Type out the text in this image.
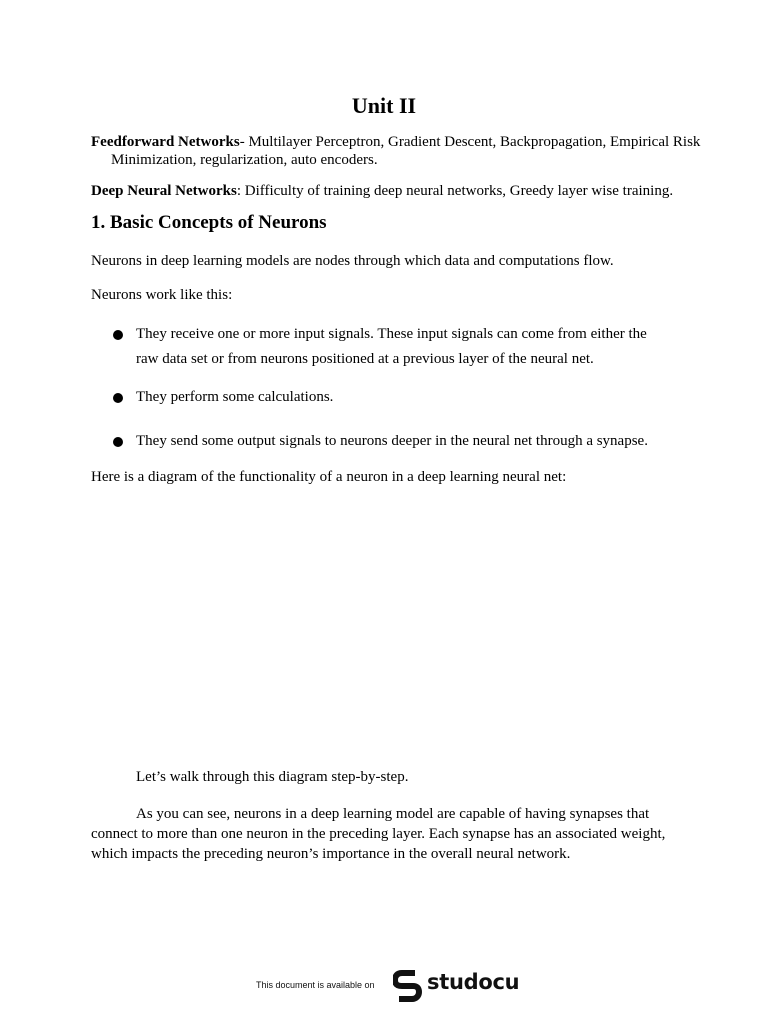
Unit II

Feedforward Networks- Multilayer Perceptron, Gradient Descent, Backpropagation, Empirical Risk Minimization, regularization, auto encoders.

Deep Neural Networks: Difficulty of training deep neural networks, Greedy layer wise training.

1. Basic Concepts of Neurons

Neurons in deep learning models are nodes through which data and computations flow.

Neurons work like this:

They receive one or more input signals. These input signals can come from either the raw data set or from neurons positioned at a previous layer of the neural net.
They perform some calculations.
They send some output signals to neurons deeper in the neural net through a synapse.

Here is a diagram of the functionality of a neuron in a deep learning neural net:

Let’s walk through this diagram step-by-step.

As you can see, neurons in a deep learning model are capable of having synapses that connect to more than one neuron in the preceding layer. Each synapse has an associated weight, which impacts the preceding neuron’s importance in the overall neural network.

This document is available on studocu
